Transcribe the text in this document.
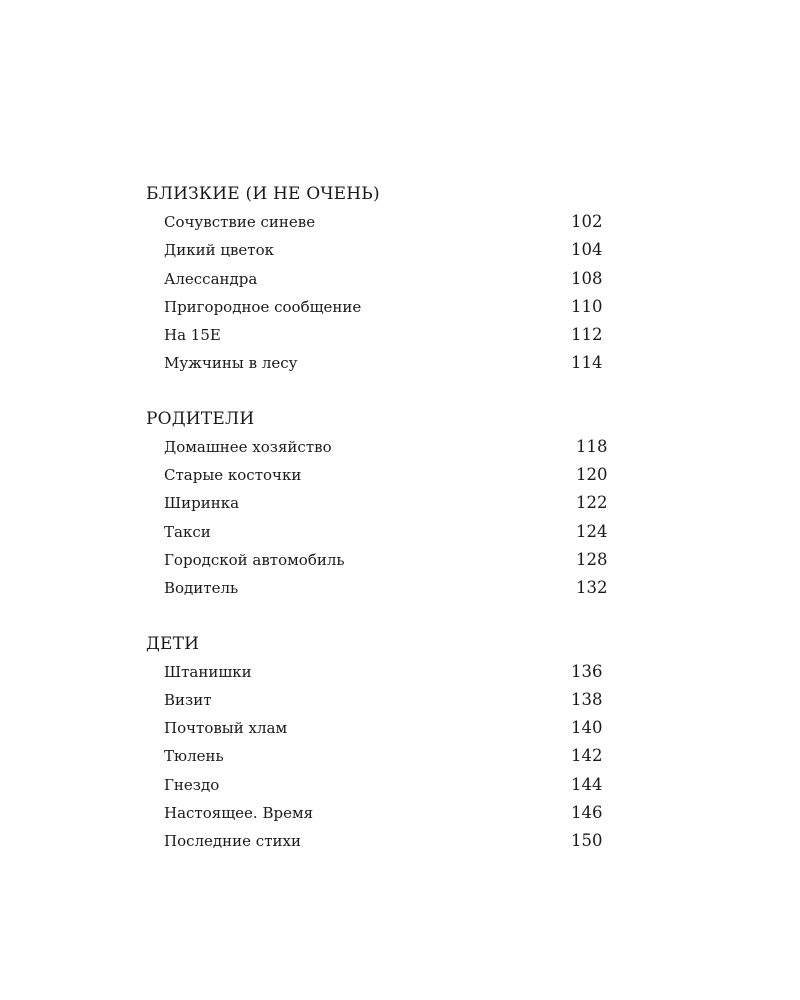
БЛИЗКИЕ (И НЕ ОЧЕНЬ)
Сочувствие синеве	102
Дикий цветок	104
Алессандра	108
Пригородное сообщение	110
На 15Е	112
Мужчины в лесу	114
РОДИТЕЛИ
Домашнее хозяйство	118
Старые косточки	120
Ширинка	122
Такси	124
Городской автомобиль	128
Водитель	132
ДЕТИ
Штанишки	136
Визит	138
Почтовый хлам	140
Тюлень	142
Гнездо	144
Настоящее. Время	146
Последние стихи	150
